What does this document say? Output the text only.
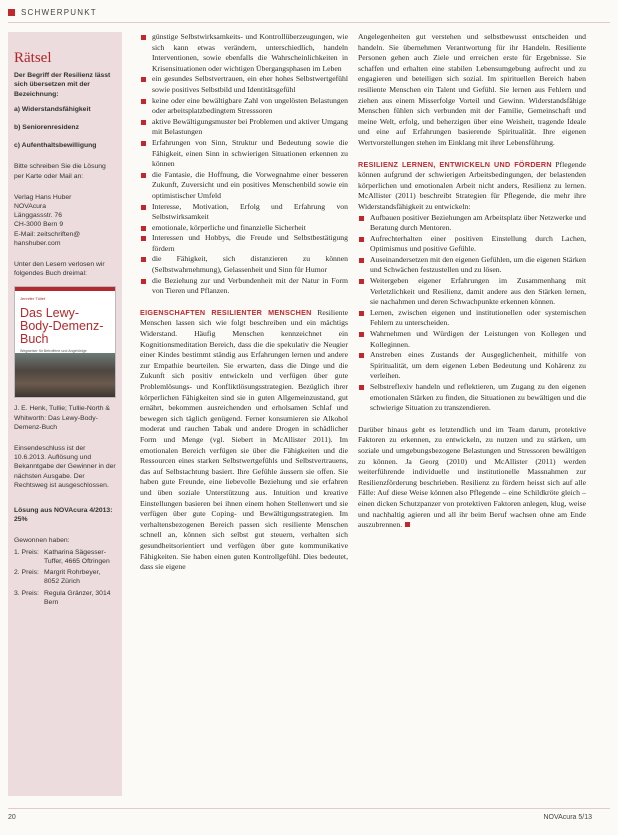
SCHWERPUNKT
Rätsel
Der Begriff der Resilienz lässt sich übersetzen mit der Bezeichnung:
a) Widerstandsfähigkeit
b) Seniorenresidenz
c) Aufenthaltsbewilligung
Bitte schreiben Sie die Lösung per Karte oder Mail an:
Verlag Hans Huber
NOVAcura
Länggassstr. 76
CH-3000 Bern 9
E-Mail: zeitschriften@
hanshuber.com
Unter den Lesern verlosen wir folgendes Buch dreimal:
Jennifer Tüllet
Das Lewy-Body-Demenz-Buch
Wegweiser für Betroffene und Angehörige
J. E. Henk, Tullie; Tullie-North & Whitworth: Das Lewy-Body-Demenz-Buch
Einsendeschluss ist der 10.6.2013. Auflösung und Bekanntgabe der Gewinner in der nächsten Ausgabe. Der Rechtsweg ist ausgeschlossen.
Lösung aus NOVAcura 4/2013: 25%
Gewonnen haben:
1. Preis: Katharina Sägesser-Tuffer, 4665 Oftringen
2. Preis: Margrit Rohrbeyer, 8052 Zürich
3. Preis: Regula Gränzer, 3014 Bern

günstige Selbstwirksamkeits- und Kontrollüberzeugungen, wie sich kann etwas verändern, unterschiedlich, handeln Interventionen, sowie ebenfalls die Wahrscheinlichkeiten in Krisensituationen oder wichtigen Übergangsphasen im Leben

ein gesundes Selbstvertrauen, ein eher hohes Selbstwertgefühl sowie positives Selbstbild und Identitätsgefühl

keine oder eine bewältigbare Zahl von ungelösten Belastungen oder arbeitsplatzbedingtem Stresssoren

aktive Bewältigungsmuster bei Problemen und aktiver Umgang mit Belastungen

Erfahrungen von Sinn, Struktur und Bedeutung sowie die Fähigkeit, einen Sinn in schwierigen Situationen erkennen zu können

die Fantasie, die Hoffnung, die Vorwegnahme einer besseren Zukunft, Zuversicht und ein positives Menschenbild sowie ein optimistischer Umfeld

Interesse, Motivation, Erfolg und Erfahrung von Selbstwirksamkeit

emotionale, körperliche und finanzielle Sicherheit

Interessen und Hobbys, die Freude und Selbstbestätigung fördern

die Fähigkeit, sich distanzieren zu können (Selbstwahrnehmung), Gelassenheit und Sinn für Humor

die Beziehung zur und Verbundenheit mit der Natur in Form von Tieren und Pflanzen.

EIGENSCHAFTEN RESILIENTER MENSCHEN Resiliente Menschen lassen sich wie folgt beschreiben und ein mächtigs Widerstand. Häufig Menschen kennzeichnet ein Kognitionsmeditation Bereich, dass die die spekulativ die Neugier einer Kindes bestimmt ständig aus Erfahrungen lernen und andere zur Empathie beurteilen. Sie erwarten, dass die Dinge und die Zukunft sich positiv entwickeln und verfügen über gute Problemlösungs- und Konfliktlösungsstrategien. Bezüglich ihrer körperlichen Fähigkeiten sind sie in guten Allgemeinzustand, gut ernährt, bekommen ausreichenden und erholsamen Schlaf und bewegen sich täglich genügend. Ferner konsumieren sie Alkohol moderat und rauchen Tabak und andere Drogen in schädlicher Form und Menge (vgl. Siebert in McAllister 2011). Im emotionalen Bereich verfügen sie über die Fähigkeiten und die Ressourcen eines starken Selbstwertgefühls und Selbstvertrauens, das auf Selbstachtung basiert. Ihre Gefühle äussern sie offen. Sie haben gute Freunde, eine liebevolle Beziehung und sie erfahren und üben soziale Unterstützung aus. Intuition und kreative Einstellungen basieren bei ihnen einem hohen Stellenwert und sie verfügen über gute Coping- und Bewältigungsstrategien. Im verhaltensbezogenen Bereich passen sich resiliente Menschen schnell an, können sich selbst gut steuern, verhalten sich gesundheitsorientiert und verfügen über gute kommunikative Fähigkeiten. Sie haben einen guten Kontrollgefühl. Dies bedeutet, dass sie eigene

Angelegenheiten gut verstehen und selbstbewusst entscheiden und handeln. Sie übernehmen Verantwortung für ihr Handeln. Resiliente Personen gehen auch Ziele und erreichen erste für Ergebnisse. Sie schaffen und erhalten eine stabilen Lebensumgebung aufrecht und zu engagieren und beteiligen sich sozial. Im spirituellen Bereich haben resiliente Menschen ein Talent und Gefühl. Sie lernen aus Fehlern und ziehen aus einem Misserfolge Vorteil und Gewinn. Widerstandsfähige Menschen fühlen sich verbunden mit der Familie, Gemeinschaft und meine Welt, erfolg, und beherzigen über eine Weisheit, tragende Ideale und eine auf Erfahrungen basierende Spiritualität. Ihre eigenen Wertvorstellungen stehen im Einklang mit ihrer Lebensführung.

RESILIENZ LERNEN, ENTWICKELN UND FÖRDERN Pflegende können aufgrund der schwierigen Arbeitsbedingungen, der belastenden körperlichen und emotionalen Arbeit nicht anders, Resilienz zu lernen. McAllister (2011) beschreibt Strategien für Pflegende, die mehr ihre Widerstandsfähigkeit zu entwickeln:

Aufbauen positiver Beziehungen am Arbeitsplatz über Netzwerke und Beratung durch Mentoren.

Aufrechterhalten einer positiven Einstellung durch Lachen, Optimismus und positive Gefühle.

Auseinandersetzen mit den eigenen Gefühlen, um die eigenen Stärken und Schwächen festzustellen und zu lösen.

Weitergeben eigener Erfahrungen im Zusammenhang mit Verletzlichkeit und Resilienz, damit andere aus den Stärken lernen, sie nachahmen und deren Schwachpunkte erkennen können.

Lernen, zwischen eigenen und institutionellen oder systemischen Fehlern zu unterscheiden.

Wahrnehmen und Würdigen der Leistungen von Kollegen und Kolleginnen.

Anstreben eines Zustands der Ausgeglichenheit, mithilfe von Spiritualität, um dem eigenen Leben Bedeutung und Kohärenz zu verleihen.

Selbstreflexiv handeln und reflektieren, um Zugang zu den eigenen emotionalen Stärken zu finden, die Situationen zu bewältigen und die schwierige Situation zu transzendieren.

Darüber hinaus geht es letztendlich und im Team darum, protektive Faktoren zu erkennen, zu entwickeln, zu nutzen und zu stärken, um soziale und umgebungsbezogene Belastungen und Stressoren bewältigen zu können. Ja Georg (2010) und McAllister (2011) werden weiterführende individuelle und institutionelle Massnahmen zur Resilienzförderung beschrieben. Resilienz zu fördern heisst sich auf alle Fälle: Auf diese Weise können also Pflegende – eine Schildkröte gleich – einen dicken Schutzpanzer von protektiven Faktoren anlegen, klug, weise und nachhaltig agieren und all ihr beim Beruf wachsen ohne am Ende auszubrennen.

20	NOVAcura 5/13
